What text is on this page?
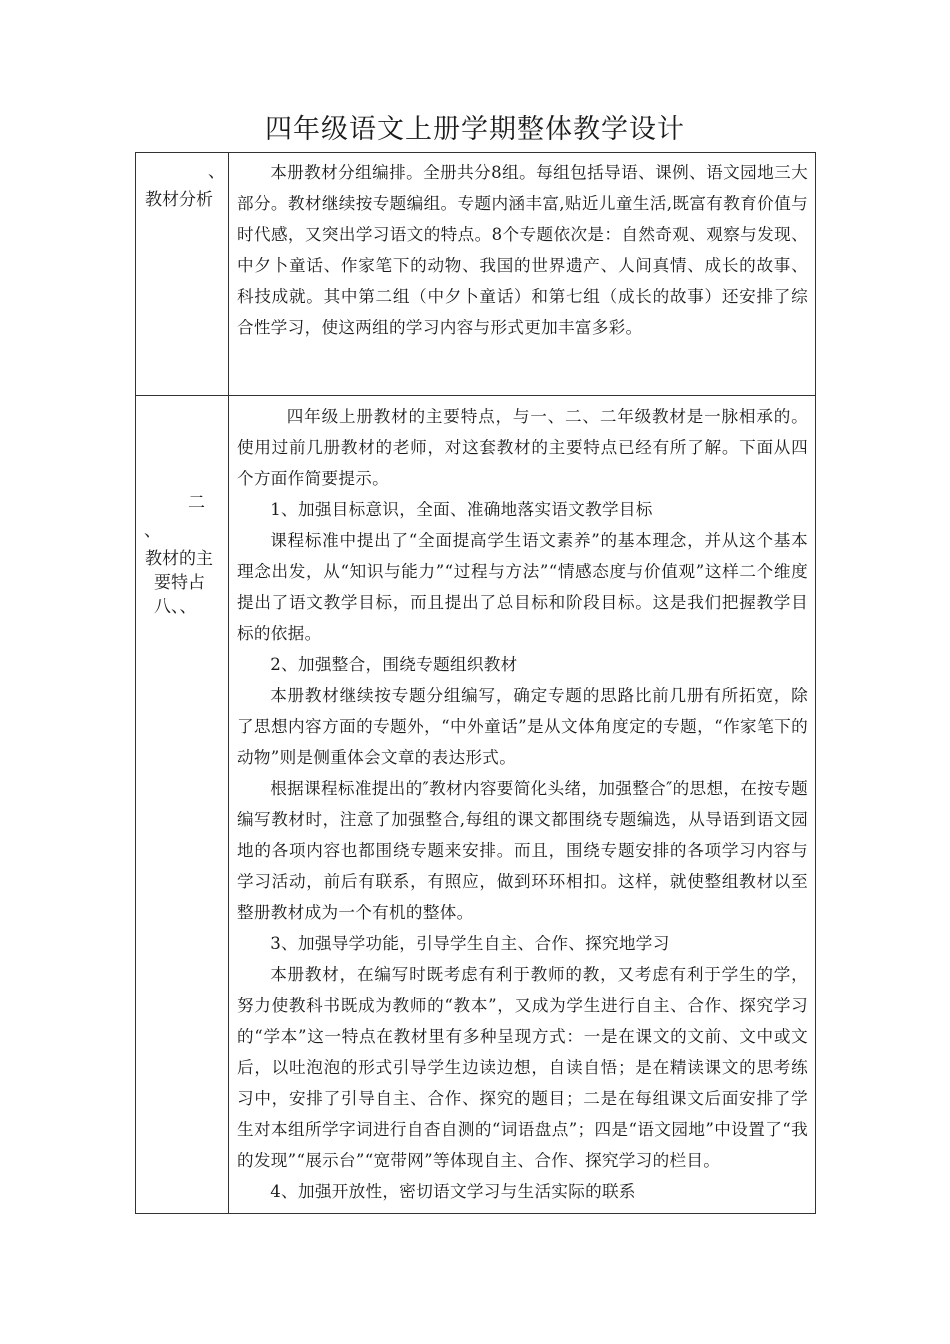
四年级语文上册学期整体教学设计
、
教材分析

本册教材分组编排。全册共分8组。每组包括导语、课例、语文园地三大部分。教材继续按专题编组。专题内涵丰富,贴近儿童生活,既富有教育价值与时代感，又突出学习语文的特点。8个专题依次是：自然奇观、观察与发现、中夕卜童话、作家笔下的动物、我国的世界遗产、人间真情、成长的故事、科技成就。其中第二组（中夕卜童话）和第七组（成长的故事）还安排了综合性学习，使这两组的学习内容与形式更加丰富多彩。

二
、
教材的主
要特占
八、、

四年级上册教材的主要特点，与一、二、二年级教材是一脉相承的。使用过前几册教材的老师，对这套教材的主要特点已经有所了解。下面从四个方面作简要提示。

1、加强目标意识，全面、准确地落实语文教学目标

课程标准中提出了“全面提高学生语文素养”的基本理念，并从这个基本理念出发，从“知识与能力”“过程与方法”“情感态度与价值观”这样二个维度提出了语文教学目标，而且提出了总目标和阶段目标。这是我们把握教学目标的依据。

2、加强整合，围绕专题组织教材

本册教材继续按专题分组编写，确定专题的思路比前几册有所拓宽，除了思想内容方面的专题外，“中外童话”是从文体角度定的专题，“作家笔下的动物”则是侧重体会文章的表达形式。

根据课程标准提出的″教材内容要简化头绪，加强整合″的思想，在按专题编写教材时，注意了加强整合,每组的课文都围绕专题编选，从导语到语文园地的各项内容也都围绕专题来安排。而且，围绕专题安排的各项学习内容与学习活动，前后有联系，有照应，做到环环相扣。这样，就使整组教材以至整册教材成为一个有机的整体。

3、加强导学功能，引导学生自主、合作、探究地学习

本册教材，在编写时既考虑有利于教师的教，又考虑有利于学生的学，努力使教科书既成为教师的“教本”，又成为学生进行自主、合作、探究学习的“学本”这一特点在教材里有多种呈现方式：一是在课文的文前、文中或文后，以吐泡泡的形式引导学生边读边想，自读自悟；是在精读课文的思考练习中，安排了引导自主、合作、探究的题目；二是在每组课文后面安排了学生对本组所学字词进行自杳自测的“词语盘点”；四是“语文园地”中设置了“我的发现”“展示台”“宽带网”等体现自主、合作、探究学习的栏目。

4、加强开放性，密切语文学习与生活实际的联系
